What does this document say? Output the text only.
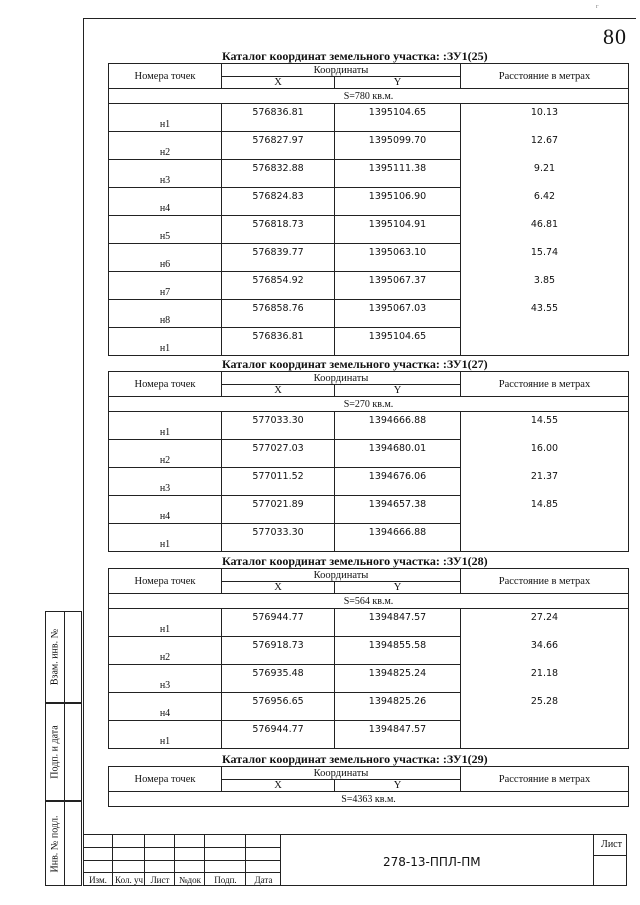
г
80
Каталог координат земельного участка: :ЗУ1(25)
Каталог координат земельного участка: :ЗУ1(27)
Каталог координат земельного участка: :ЗУ1(28)
Каталог координат земельного участка: :ЗУ1(29)
Номера точек	Координаты		Расстояние в метрах
	X	Y	
S=780 кв.м.			
н1	576836.81	1395104.65	10.13
н2	576827.97	1395099.70	12.67
н3	576832.88	1395111.38	9.21
н4	576824.83	1395106.90	6.42
н5	576818.73	1395104.91	46.81
н6	576839.77	1395063.10	15.74
н7	576854.92	1395067.37	3.85
н8	576858.76	1395067.03	43.55
н1	576836.81	1395104.65	
Номера точек	Координаты		Расстояние в метрах
	X	Y	
S=270 кв.м.			
н1	577033.30	1394666.88	14.55
н2	577027.03	1394680.01	16.00
н3	577011.52	1394676.06	21.37
н4	577021.89	1394657.38	14.85
н1	577033.30	1394666.88	
Номера точек	Координаты		Расстояние в метрах
	X	Y	
S=564 кв.м.			
н1	576944.77	1394847.57	27.24
н2	576918.73	1394855.58	34.66
н3	576935.48	1394825.24	21.18
н4	576956.65	1394825.26	25.28
н1	576944.77	1394847.57	
Номера точек	Координаты		Расстояние в метрах
	X	Y	
S=4363 кв.м.			
Взам. инв. №
Подп. и дата
Инв. № подл.
Изм. Кол. уч Лист	№док	Подп.	Дата
278-13-ППЛ-ПМ
Лист
